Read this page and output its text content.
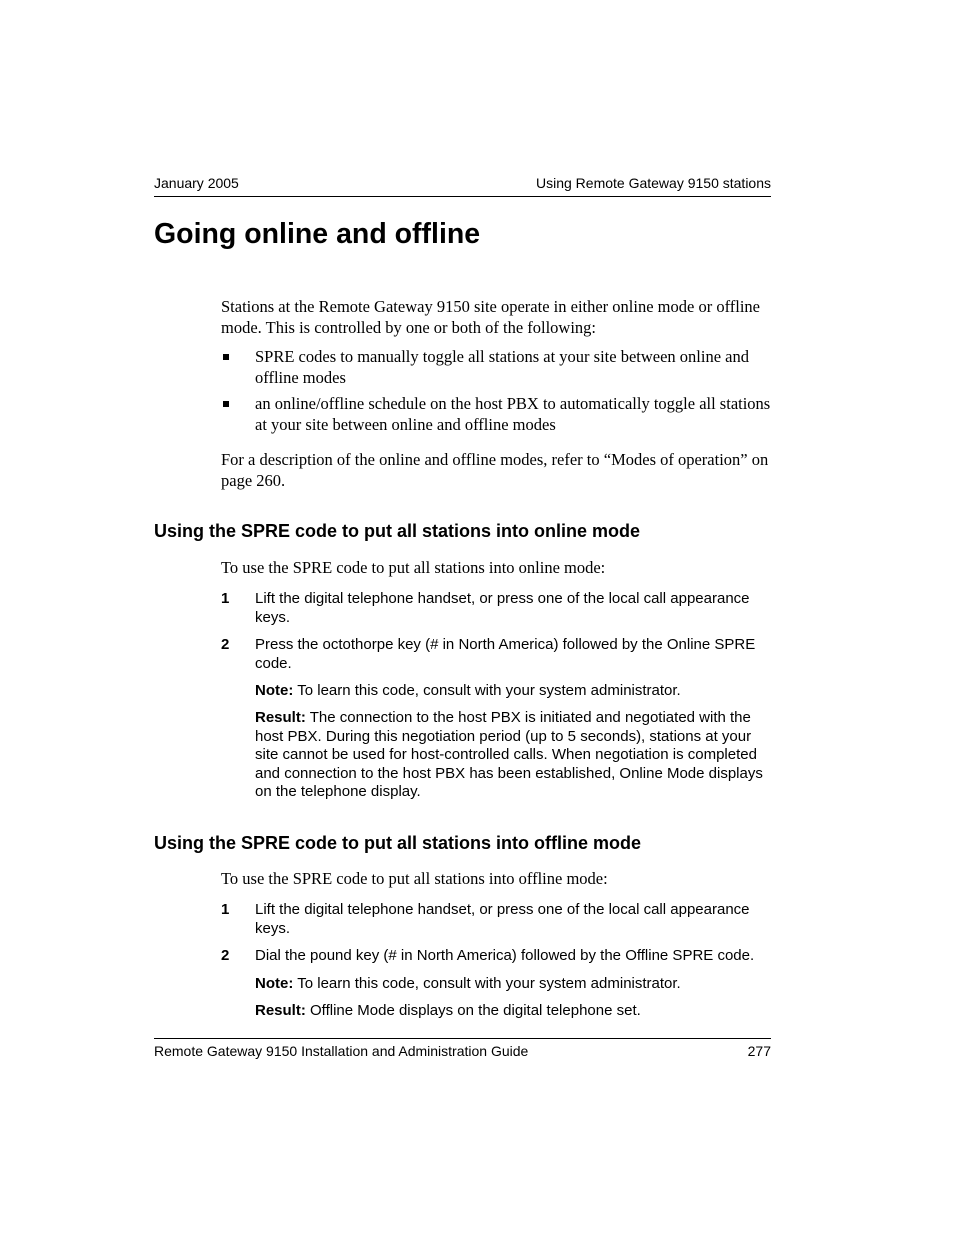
January 2005	Using Remote Gateway 9150 stations
Going online and offline

Stations at the Remote Gateway 9150 site operate in either online mode or offline mode. This is controlled by one or both of the following:

SPRE codes to manually toggle all stations at your site between online and offline modes
an online/offline schedule on the host PBX to automatically toggle all stations at your site between online and offline modes

For a description of the online and offline modes, refer to “Modes of operation” on page 260.

Using the SPRE code to put all stations into online mode

To use the SPRE code to put all stations into online mode:

1 Lift the digital telephone handset, or press one of the local call appearance keys.
2 Press the octothorpe key (# in North America) followed by the Online SPRE code.

Note: To learn this code, consult with your system administrator.

Result: The connection to the host PBX is initiated and negotiated with the host PBX. During this negotiation period (up to 5 seconds), stations at your site cannot be used for host-controlled calls. When negotiation is completed and connection to the host PBX has been established, Online Mode displays on the telephone display.

Using the SPRE code to put all stations into offline mode

To use the SPRE code to put all stations into offline mode:

1 Lift the digital telephone handset, or press one of the local call appearance keys.
2 Dial the pound key (# in North America) followed by the Offline SPRE code.

Note: To learn this code, consult with your system administrator.

Result: Offline Mode displays on the digital telephone set.

Remote Gateway 9150 Installation and Administration Guide	277
